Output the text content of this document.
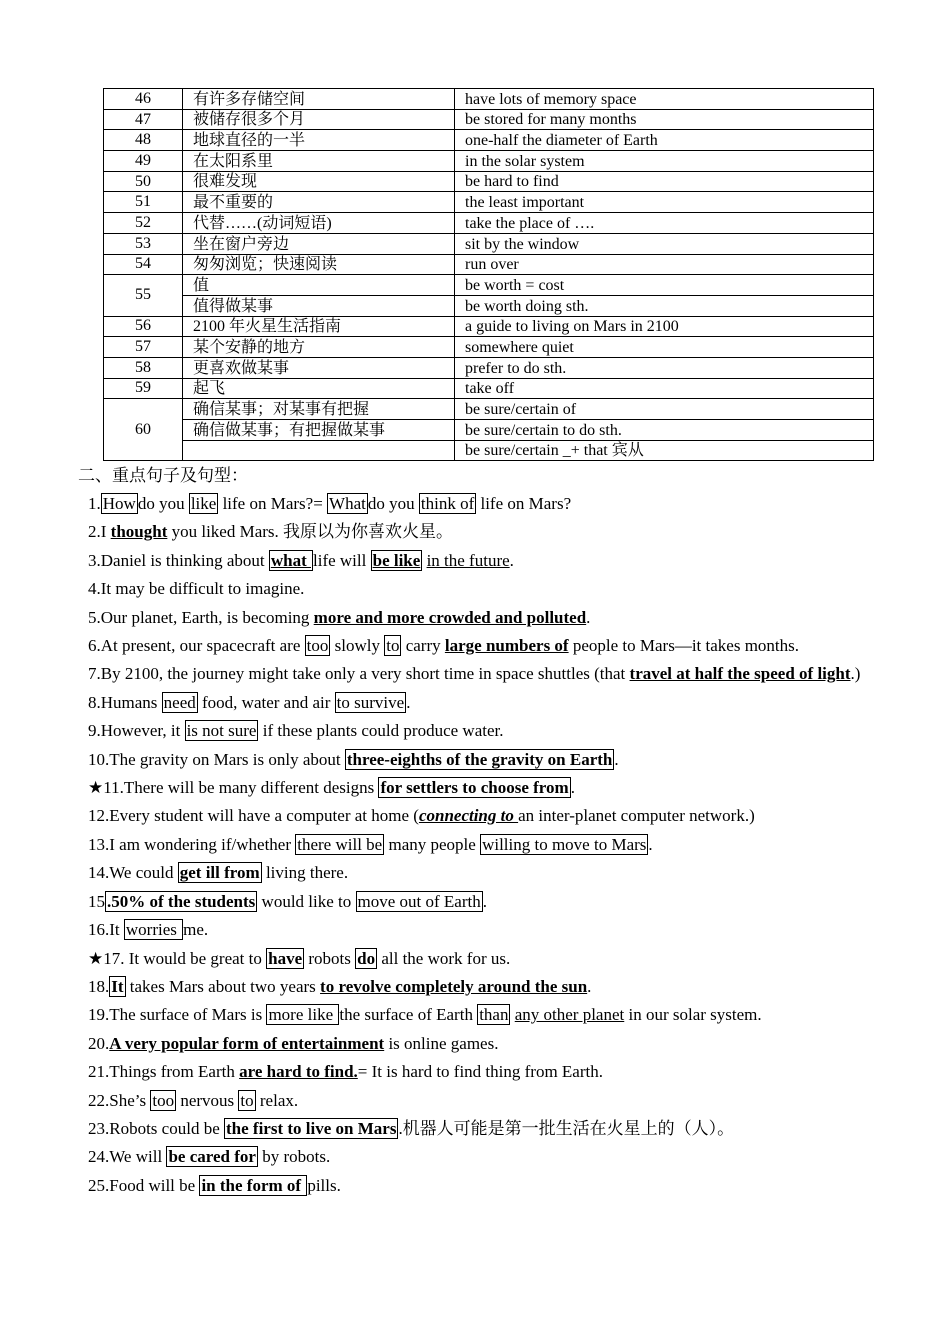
46	有许多存储空间	have lots of memory space
47	被储存很多个月	be stored for many months
48	地球直径的一半	one-half the diameter of Earth
49	在太阳系里	in the solar system
50	很难发现	be hard to find
51	最不重要的	the least important
52	代替……(动词短语)	take the place of ….
53	坐在窗户旁边	sit by the window
54	匆匆浏览；快速阅读	run over
55	值	be worth = cost
	值得做某事	be worth doing sth.
56	2100 年火星生活指南	a guide to living on Mars in 2100
57	某个安静的地方	somewhere quiet
58	更喜欢做某事	prefer to do sth.
59	起飞	take off
60	确信某事；对某事有把握	be sure/certain of
	确信做某事；有把握做某事	be sure/certain to do sth.
		be sure/certain _+ that 宾从
二、重点句子及句型：

1. How do you like life on Mars?= What do you think of life on Mars?

2.I thought you liked Mars. 我原以为你喜欢火星。

3.Daniel is thinking about what life will be like in the future.

4.It may be difficult to imagine.

5.Our planet, Earth, is becoming more and more crowded and polluted.

6.At present, our spacecraft are too slowly to carry large numbers of people to Mars—it takes months.

7.By 2100, the journey might take only a very short time in space shuttles (that travel at half the speed of light.)

8.Humans need food, water and air to survive .

9.However, it is not sure if these plants could produce water.

10.The gravity on Mars is only about three-eighths of the gravity on Earth .

★11.There will be many different designs for settlers to choose from .

12.Every student will have a computer at home (connecting to an inter-planet computer network.)

13.I am wondering if/whether there will be many people willing to move to Mars .

14.We could get ill from living there.

15 .50% of the students would like to move out of Earth .

16.It worries me.

★17. It would be great to have robots do all the work for us.

18. It takes Mars about two years to revolve completely around the sun.

19.The surface of Mars is more like the surface of Earth than any other planet in our solar system.

20.A very popular form of entertainment is online games.

21.Things from Earth are hard to find.= It is hard to find thing from Earth.

22.She’s too nervous to relax.

23.Robots could be the first to live on Mars .机器人可能是第一批生活在火星上的（人）。

24.We will be cared for by robots.

25.Food will be in the form of pills.
